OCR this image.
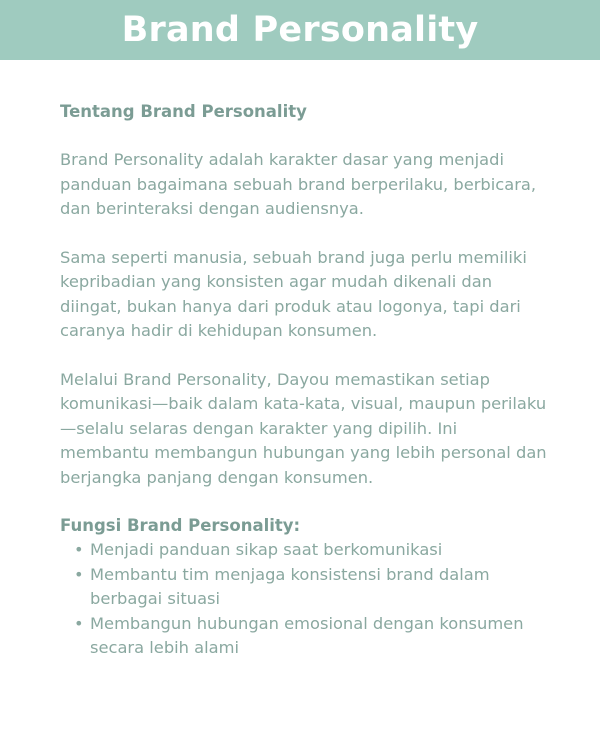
Brand Personality
Tentang Brand Personality

Brand Personality adalah karakter dasar yang menjadi panduan bagaimana sebuah brand berperilaku, berbicara, dan berinteraksi dengan audiensnya.

Sama seperti manusia, sebuah brand juga perlu memiliki kepribadian yang konsisten agar mudah dikenali dan diingat, bukan hanya dari produk atau logonya, tapi dari caranya hadir di kehidupan konsumen.

Melalui Brand Personality, Dayou memastikan setiap komunikasi—baik dalam kata-kata, visual, maupun perilaku—selalu selaras dengan karakter yang dipilih. Ini membantu membangun hubungan yang lebih personal dan berjangka panjang dengan konsumen.

Fungsi Brand Personality:
• Menjadi panduan sikap saat berkomunikasi
• Membantu tim menjaga konsistensi brand dalam berbagai situasi
• Membangun hubungan emosional dengan konsumen secara lebih alami
